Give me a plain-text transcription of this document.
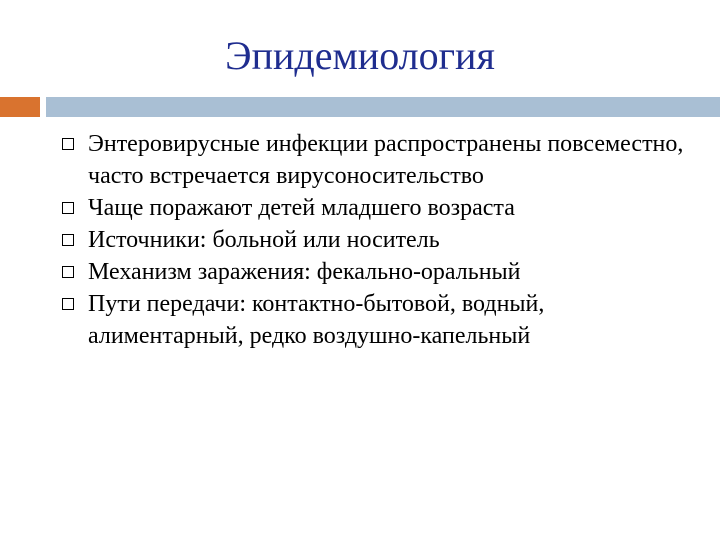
Эпидемиология
Энтеровирусные инфекции распространены повсеместно, часто встречается вирусоносительство
Чаще поражают детей младшего возраста
Источники: больной или носитель
Механизм заражения: фекально-оральный
Пути передачи: контактно-бытовой, водный, алиментарный, редко воздушно-капельный
